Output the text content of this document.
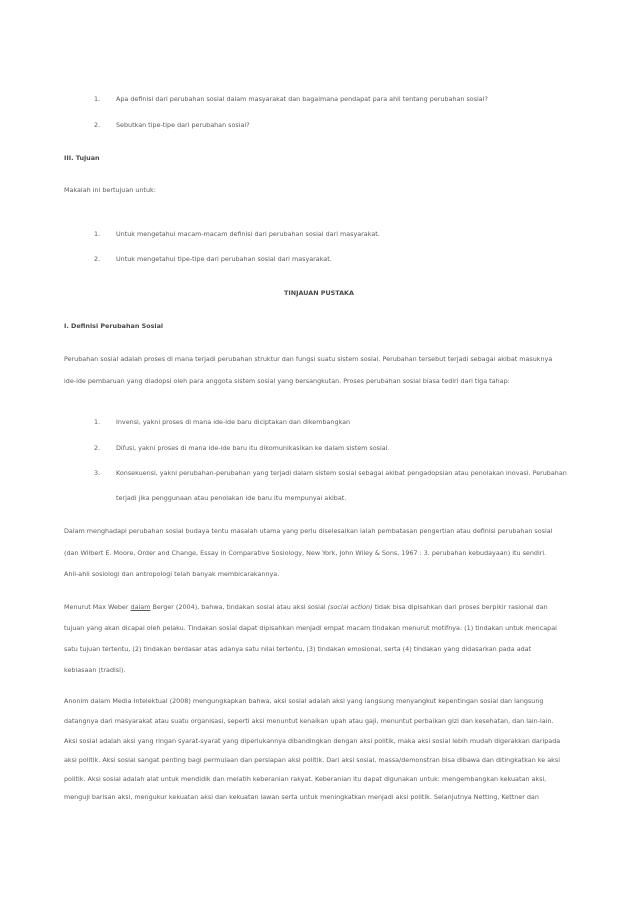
1. Apa definisi dari perubahan sosial dalam masyarakat dan bagaimana pendapat para ahli tentang perubahan sosial?
2. Sebutkan tipe-tipe dari perubahan sosial?
III. Tujuan
Makalah ini bertujuan untuk:
1. Untuk mengetahui macam-macam definisi dari perubahan sosial dari masyarakat.
2. Untuk mengetahui tipe-tipe dari perubahan sosial dari masyarakat.
TINJAUAN PUSTAKA
I. Definisi Perubahan Sosial
Perubahan sosial adalah proses di mana terjadi perubahan struktur dan fungsi suatu sistem sosial. Perubahan tersebut terjadi sebagai akibat masuknya
ide-ide pembaruan yang diadopsi oleh para anggota sistem sosial yang bersangkutan. Proses perubahan sosial biasa tediri dari tiga tahap:
1. Invensi, yakni proses di mana ide-ide baru diciptakan dan dikembangkan
2. Difusi, yakni proses di mana ide-ide baru itu dikomunikasikan ke dalam sistem sosial.
3. Konsekuensi, yakni perubahan-perubahan yang terjadi dalam sistem sosial sebagai akibat pengadopsian atau penolakan inovasi. Perubahan
terjadi jika penggunaan atau penolakan ide baru itu mempunyai akibat.
Dalam menghadapi perubahan sosial budaya tentu masalah utama yang perlu diselesaikan ialah pembatasan pengertian atau definisi perubahan sosial
(dan Wilbert E. Moore, Order and Change, Essay in Comparative Sosiology, New York, John Wiley & Sons, 1967 : 3. perubahan kebudayaan) itu sendiri.
Ahli-ahli sosiologi dan antropologi telah banyak membicarakannya.
Menurut Max Weber dalam Berger (2004), bahwa, tindakan sosial atau aksi sosial (social action) tidak bisa dipisahkan dari proses berpikir rasional dan
tujuan yang akan dicapai oleh pelaku. Tindakan sosial dapat dipisahkan menjadi empat macam tindakan menurut motifnya: (1) tindakan untuk mencapai
satu tujuan tertentu, (2) tindakan berdasar atas adanya satu nilai tertentu, (3) tindakan emosional, serta (4) tindakan yang didasarkan pada adat
kebiasaan (tradisi).
Anonim dalam Media Intelektual (2008) mengungkapkan bahwa, aksi sosial adalah aksi yang langsung menyangkut kepentingan sosial dan langsung
datangnya dari masyarakat atau suatu organisasi, seperti aksi menuntut kenaikan upah atau gaji, menuntut perbaikan gizi dan kesehatan, dan lain-lain.
Aksi sosial adalah aksi yang ringan syarat-syarat yang diperlukannya dibandingkan dengan aksi politik, maka aksi sosial lebih mudah digerakkan daripada
aksi politik. Aksi sosial sangat penting bagi permulaan dan persiapan aksi politik. Dari aksi sosial, massa/demonstran bisa dibawa dan ditingkatkan ke aksi
politik. Aksi sosial adalah alat untuk mendidik dan melatih keberanian rakyat. Keberanian itu dapat digunakan untuk: mengembangkan kekuatan aksi,
menguji barisan aksi, mengukur kekuatan aksi dan kekuatan lawan serta untuk meningkatkan menjadi aksi politik. Selanjutnya Netting, Kettner dan
